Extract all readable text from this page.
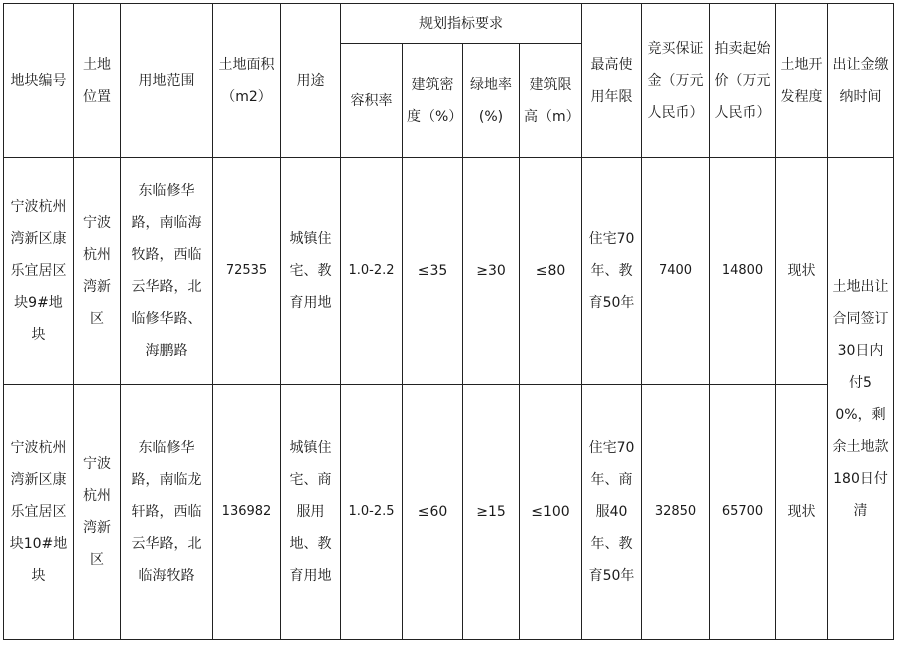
地块编号	土地位置	用地范围	土地面积（m2）	用途	规划指标要求				最高使用年限	竞买保证金（万元人民币）	拍卖起始价（万元人民币）	土地开发程度	出让金缴纳时间
					容积率	建筑密度（%）	绿地率(%)	建筑限高（m）					
宁波杭州湾新区康乐宜居区块9#地块	宁波杭州湾新区	东临修华路，南临海牧路，西临云华路，北临修华路、海鹏路	72535	城镇住宅、教育用地	1.0-2.2	≤35	≥30	≤80	住宅70年、教育50年	7400	14800	现状	土地出让合同签订30日内付50%，剩余土地款180日付清
宁波杭州湾新区康乐宜居区块10#地块	宁波杭州湾新区	东临修华路，南临龙轩路，西临云华路，北临海牧路	136982	城镇住宅、商服用地、教育用地	1.0-2.5	≤60	≥15	≤100	住宅70年、商服40年、教育50年	32850	65700	现状	
